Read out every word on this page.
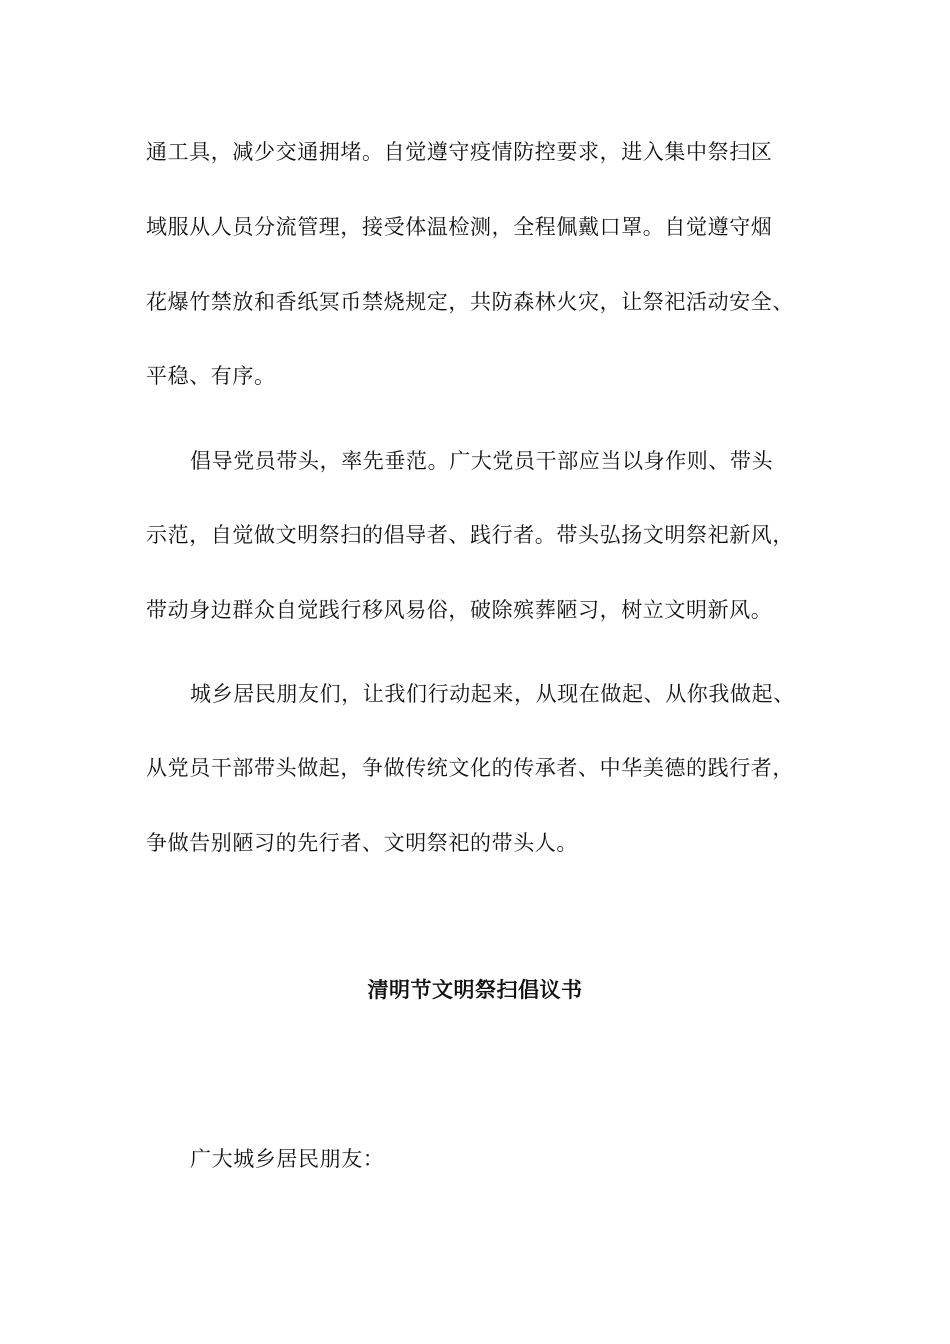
通工具，减少交通拥堵。自觉遵守疫情防控要求，进入集中祭扫区
域服从人员分流管理，接受体温检测，全程佩戴口罩。自觉遵守烟
花爆竹禁放和香纸冥币禁烧规定，共防森林火灾，让祭祀活动安全、
平稳、有序。
倡导党员带头，率先垂范。广大党员干部应当以身作则、带头
示范，自觉做文明祭扫的倡导者、践行者。带头弘扬文明祭祀新风，
带动身边群众自觉践行移风易俗，破除殡葬陋习，树立文明新风。
城乡居民朋友们，让我们行动起来，从现在做起、从你我做起、
从党员干部带头做起，争做传统文化的传承者、中华美德的践行者，
争做告别陋习的先行者、文明祭祀的带头人。
清明节文明祭扫倡议书
广大城乡居民朋友：
